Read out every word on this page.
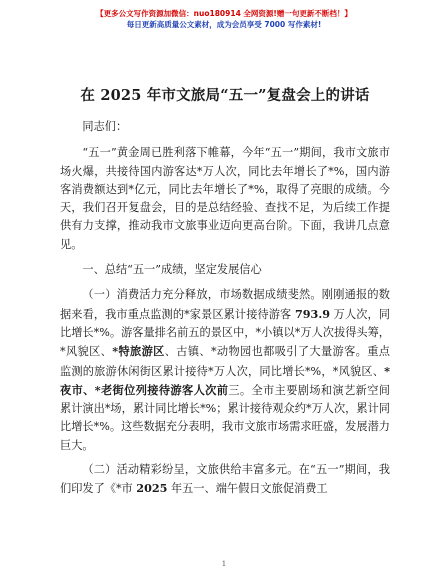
【更多公文写作资源加微信：nuo180914 全网资源!赠一句更新不断档！】
每日更新高质量公文素材，成为会员享受 7000 写作素材!
在 2025 年市文旅局“五一”复盘会上的讲话

同志们：

“五一”黄金周已胜利落下帷幕，今年“五一”期间，我市文旅市场火爆，共接待国内游客达*万人次，同比去年增长了*%，国内游客消费额达到*亿元，同比去年增长了*%，取得了亮眼的成绩。今天，我们召开复盘会，目的是总结经验、查找不足，为后续工作提供有力支撑，推动我市文旅事业迈向更高台阶。下面，我讲几点意见。

一、总结“五一”成绩，坚定发展信心

（一）消费活力充分释放，市场数据成绩斐然。刚刚通报的数据来看，我市重点监测的*家景区累计接待游客 793.9 万人次，同比增长*%。游客量排名前五的景区中，*小镇以*万人次拔得头筹，*风貌区、*特旅游区、古镇、*动物园也都吸引了大量游客。重点监测的旅游休闲街区累计接待*万人次，同比增长*%，*风貌区、*夜市、*老街位列接待游客人次前三。全市主要剧场和演艺新空间累计演出*场，累计同比增长*%；累计接待观众约*万人次，累计同比增长*%。这些数据充分表明，我市文旅市场需求旺盛，发展潜力巨大。

（二）活动精彩纷呈，文旅供给丰富多元。在“五一”期间，我们印发了《*市 2025 年五一、端午假日文旅促消费工

1
